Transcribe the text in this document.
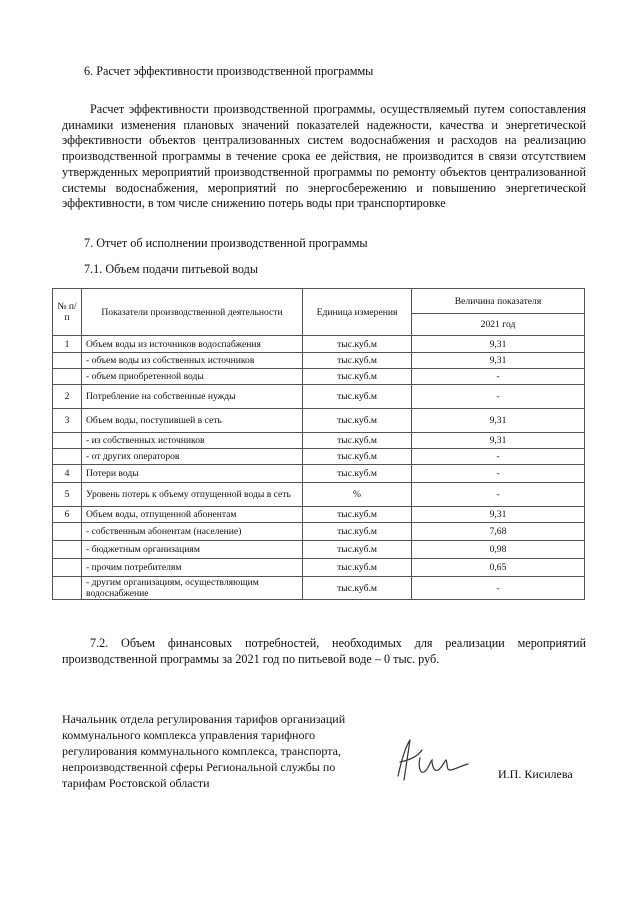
6. Расчет эффективности производственной программы
Расчет эффективности производственной программы, осуществляемый путем сопоставления динамики изменения плановых значений показателей надежности, качества и энергетической эффективности объектов централизованных систем водоснабжения и расходов на реализацию производственной программы в течение срока ее действия, не производится в связи отсутствием утвержденных мероприятий производственной программы по ремонту объектов централизованной системы водоснабжения, мероприятий по энергосбережению и повышению энергетической эффективности, в том числе снижению потерь воды при транспортировке
7. Отчет об исполнении производственной программы
7.1. Объем подачи питьевой воды
№ п/п	Показатели производственной деятельности	Единица измерения	Величина показателя
			2021 год
1	Объем воды из источников водоспабжения	тыс.куб.м	9,31
	- объем воды из собственных источников	тыс.куб.м	9,31
	- объем приобретенной воды	тыс.куб.м	-
2	Потребление на собственные нужды	тыс.куб.м	-
3	Объем воды, поступившей в сеть	тыс.куб.м	9,31
	- из собственных источников	тыс.куб.м	9,31
	- от других операторов	тыс.куб.м	-
4	Потери воды	тыс.куб.м	-
5	Уровень потерь к объему отпущенной воды в сеть	%	-
6	Объем воды, отпущенной абонентам	тыс.куб.м	9,31
	- собственным абонентам (население)	тыс.куб.м	7,68
	- бюджетным организациям	тыс.куб.м	0,98
	- прочим потребителям	тыс.куб.м	0,65
	- другим организациям, осуществляющим водоснабжение	тыс.куб.м	-
7.2. Объем финансовых потребностей, необходимых для реализации мероприятий производственной программы за 2021 год по питьевой воде – 0 тыс. руб.
Начальник отдела регулирования тарифов организаций коммунального комплекса управления тарифного регулирования коммунального комплекса, транспорта, непроизводственной сферы Региональной службы по тарифам Ростовской области
И.П. Кисилева
